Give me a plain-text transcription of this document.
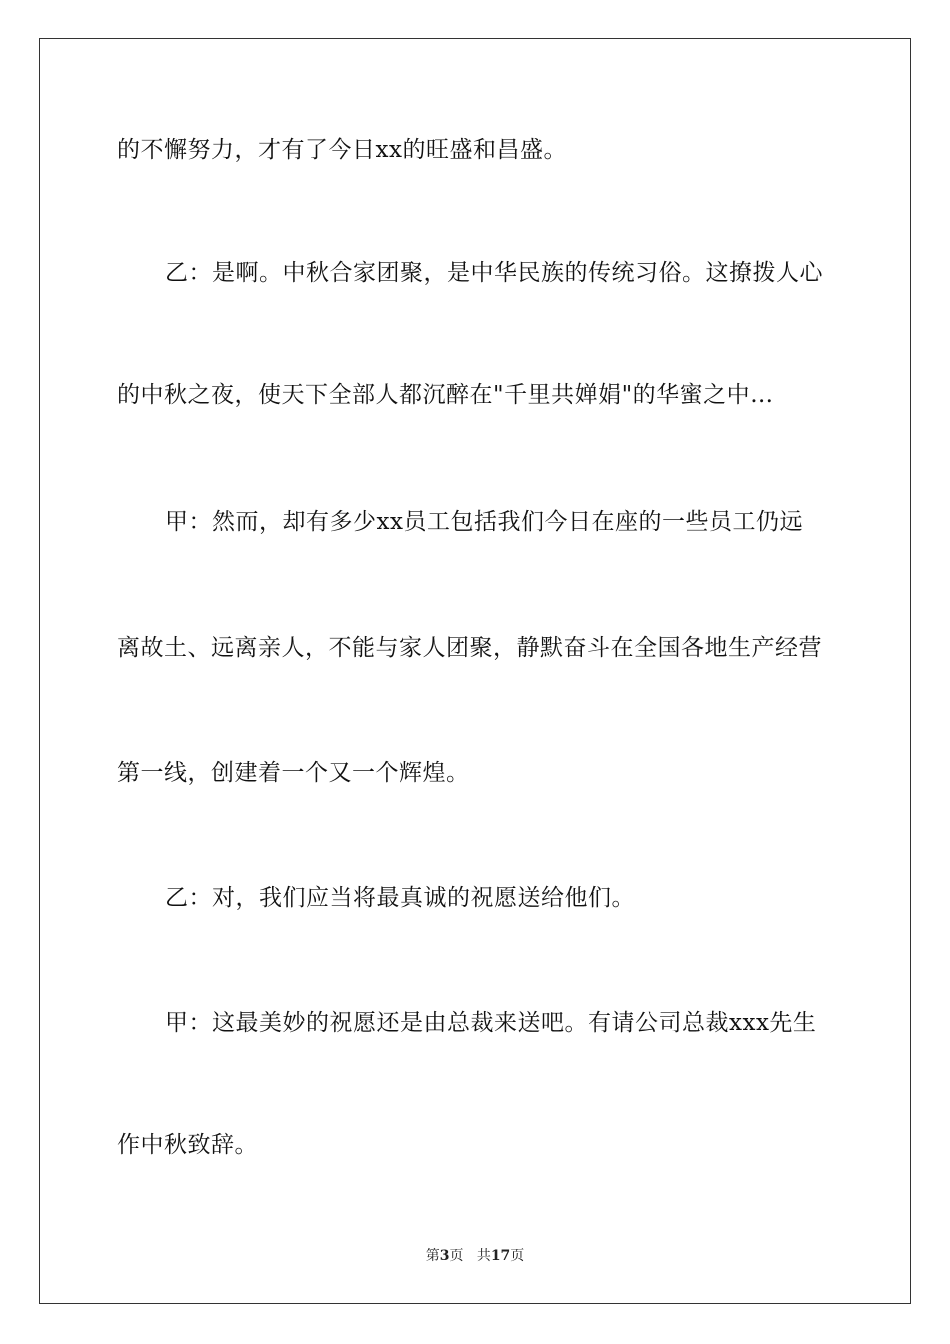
的不懈努力，才有了今日xx的旺盛和昌盛。
乙：是啊。中秋合家团聚，是中华民族的传统习俗。这撩拨人心
的中秋之夜，使天下全部人都沉醉在"千里共婵娟"的华蜜之中…
甲：然而，却有多少xx员工包括我们今日在座的一些员工仍远
离故土、远离亲人，不能与家人团聚，静默奋斗在全国各地生产经营
第一线，创建着一个又一个辉煌。
乙：对，我们应当将最真诚的祝愿送给他们。
甲：这最美妙的祝愿还是由总裁来送吧。有请公司总裁xxx先生
作中秋致辞。
第3页 共17页
